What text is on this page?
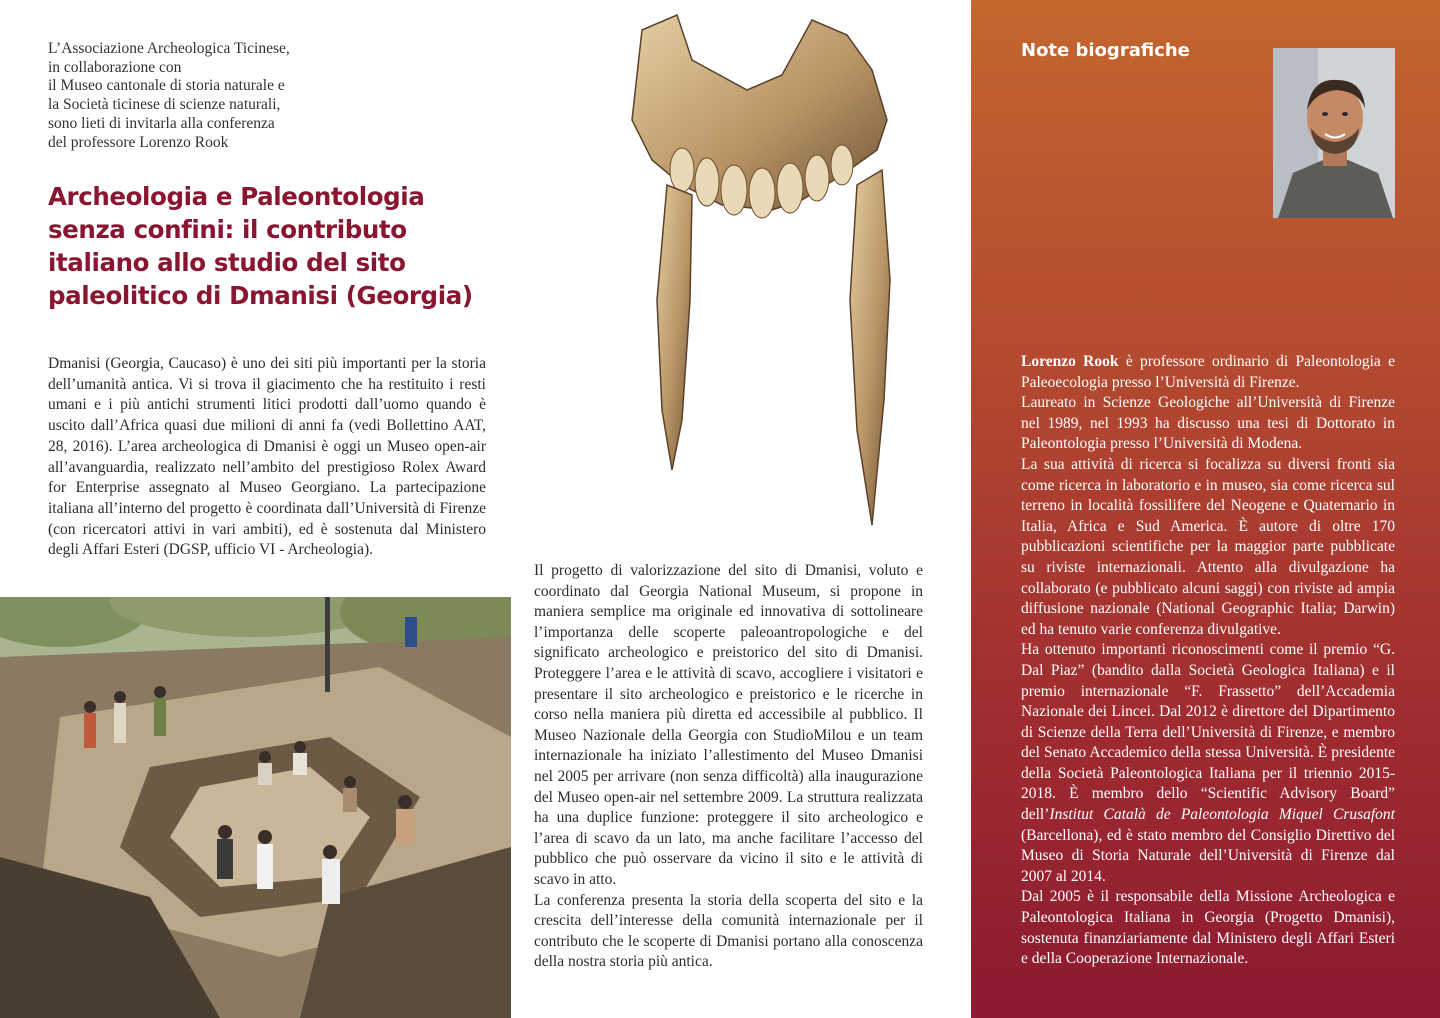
L’Associazione Archeologica Ticinese,
in collaborazione con
il Museo cantonale di storia naturale e
la Società ticinese di scienze naturali,
sono lieti di invitarla alla conferenza
del professore Lorenzo Rook
Archeologia e Paleontologia
senza confini: il contributo
italiano allo studio del sito
paleolitico di Dmanisi (Georgia)

Dmanisi (Georgia, Caucaso) è uno dei siti più importanti per la storia dell’umanità antica. Vi si trova il giacimento che ha restituito i resti umani e i più antichi strumenti litici prodotti dall’uomo quando è uscito dall’Africa quasi due milioni di anni fa (vedi Bollettino AAT, 28, 2016). L’area archeologica di Dmanisi è oggi un Museo open-air all’avanguardia, realizzato nell’ambito del prestigioso Rolex Award for Enterprise assegnato al Museo Georgiano. La partecipazione italiana all’interno del progetto è coordinata dall’Università di Firenze (con ricercatori attivi in vari ambiti), ed è sostenuta dal Ministero degli Affari Esteri (DGSP, ufficio VI - Archeologia).

Il progetto di valorizzazione del sito di Dmanisi, voluto e coordinato dal Georgia National Museum, si propone in maniera semplice ma originale ed innovativa di sottolineare l’importanza delle scoperte paleoantropologiche e del significato archeologico e preistorico del sito di Dmanisi. Proteggere l’area e le attività di scavo, accogliere i visitatori e presentare il sito archeologico e preistorico e le ricerche in corso nella maniera più diretta ed accessibile al pubblico. Il Museo Nazionale della Georgia con StudioMilou e un team internazionale ha iniziato l’allestimento del Museo Dmanisi nel 2005 per arrivare (non senza difficoltà) alla inaugurazione del Museo open-air nel settembre 2009. La struttura realizzata ha una duplice funzione: proteggere il sito archeologico e l’area di scavo da un lato, ma anche facilitare l’accesso del pubblico che può osservare da vicino il sito e le attività di scavo in atto.

La conferenza presenta la storia della scoperta del sito e la crescita dell’interesse della comunità internazionale per il contributo che le scoperte di Dmanisi portano alla conoscenza della nostra storia più antica.

Note biografiche

Lorenzo Rook è professore ordinario di Paleontologia e Paleoecologia presso l’Università di Firenze.

Laureato in Scienze Geologiche all’Università di Firenze nel 1989, nel 1993 ha discusso una tesi di Dottorato in Paleontologia presso l’Università di Modena.

La sua attività di ricerca si focalizza su diversi fronti sia come ricerca in laboratorio e in museo, sia come ricerca sul terreno in località fossilifere del Neogene e Quaternario in Italia, Africa e Sud America. È autore di oltre 170 pubblicazioni scientifiche per la maggior parte pubblicate su riviste internazionali. Attento alla divulgazione ha collaborato (e pubblicato alcuni saggi) con riviste ad ampia diffusione nazionale (National Geographic Italia; Darwin) ed ha tenuto varie conferenza divulgative.

Ha ottenuto importanti riconoscimenti come il premio “G. Dal Piaz” (bandito dalla Società Geologica Italiana) e il premio internazionale “F. Frassetto” dell’Accademia Nazionale dei Lincei. Dal 2012 è direttore del Dipartimento di Scienze della Terra dell’Università di Firenze, e membro del Senato Accademico della stessa Università. È presidente della Società Paleontologica Italiana per il triennio 2015-2018. È membro dello “Scientific Advisory Board” dell’Institut Català de Paleontologia Miquel Crusafont (Barcellona), ed è stato membro del Consiglio Direttivo del Museo di Storia Naturale dell’Università di Firenze dal 2007 al 2014.

Dal 2005 è il responsabile della Missione Archeologica e Paleontologica Italiana in Georgia (Progetto Dmanisi), sostenuta finanziariamente dal Ministero degli Affari Esteri e della Cooperazione Internazionale.
